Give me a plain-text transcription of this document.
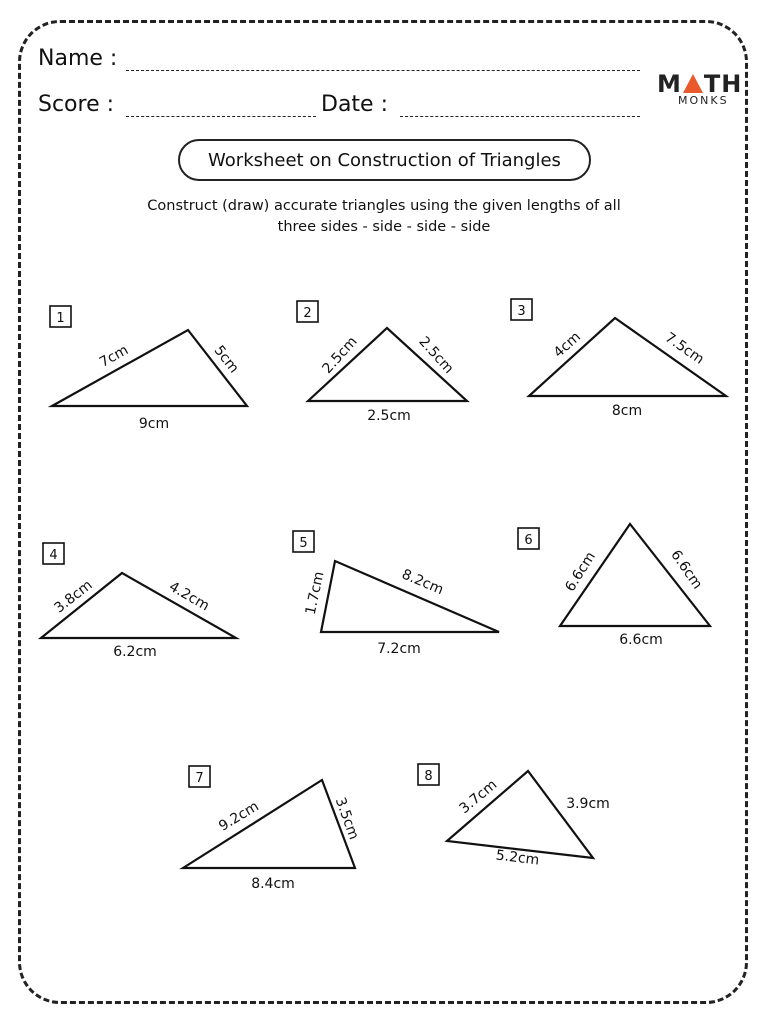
Name :
Score :	Date :
M TH
MONKS
Worksheet on Construction of Triangles
Construct (draw) accurate triangles using the given lengths of all
three sides - side - side - side
1
7cm	5cm
9cm
2
2.5cm	2.5cm
2.5cm
3
4cm	7.5cm
8cm
4
3.8cm	4.2cm
6.2cm
5
1.7cm	8.2cm
7.2cm
6
6.6cm	6.6cm
6.6cm
7
9.2cm	3.5cm
8.4cm
8
3.7cm	3.9cm
5.2cm
